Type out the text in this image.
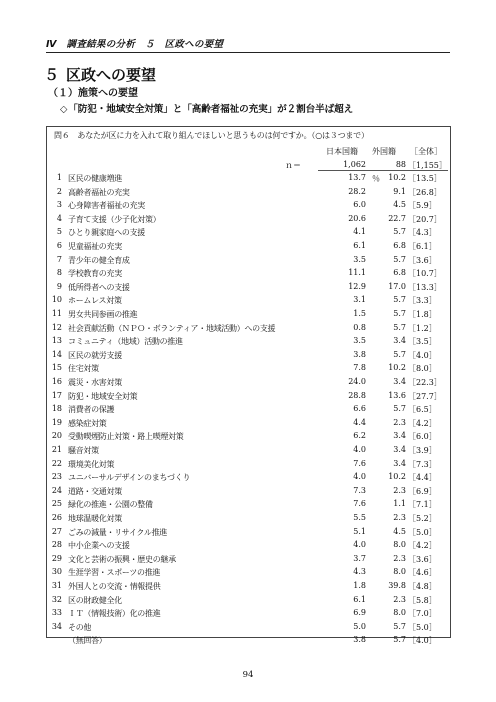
Ⅳ　調査結果の分析　５　区政への要望
５ 区政への要望
（１）施策への要望
◇「防犯・地域安全対策」と「高齢者福祉の充実」が２割台半ば超え
問６　あなたが区に力を入れて取り組んでほしいと思うものは何ですか。（○は３つまで）
日本国籍 外国籍 ［全体］
ｎ＝	1,062	88 ［1,155］
1 区民の健康増進	13.7	10.2 ［13.5］
％
2 高齢者福祉の充実	28.2	9.1 ［26.8］
3 心身障害者福祉の充実	6.0	4.5 ［5.9］
4 子育て支援（少子化対策）	20.6	22.7 ［20.7］
5 ひとり親家庭への支援	4.1	5.7 ［4.3］
6 児童福祉の充実	6.1	6.8 ［6.1］
7 青少年の健全育成	3.5	5.7 ［3.6］
8 学校教育の充実	11.1	6.8 ［10.7］
9 低所得者への支援	12.9	17.0 ［13.3］
10 ホームレス対策	3.1	5.7 ［3.3］
11 男女共同参画の推進	1.5	5.7 ［1.8］
12 社会貢献活動（ＮＰＯ・ボランティア・地域活動）への支援	0.8	5.7 ［1.2］
13 コミュニティ（地域）活動の推進	3.5	3.4 ［3.5］
14 区民の就労支援	3.8	5.7 ［4.0］
15 住宅対策	7.8	10.2 ［8.0］
16 震災・水害対策	24.0	3.4 ［22.3］
17 防犯・地域安全対策	28.8	13.6 ［27.7］
18 消費者の保護	6.6	5.7 ［6.5］
19 感染症対策	4.4	2.3 ［4.2］
20 受動喫煙防止対策・路上喫煙対策	6.2	3.4 ［6.0］
21 騒音対策	4.0	3.4 ［3.9］
22 環境美化対策	7.6	3.4 ［7.3］
23 ユニバーサルデザインのまちづくり	4.0	10.2 ［4.4］
24 道路・交通対策	7.3	2.3 ［6.9］
25 緑化の推進・公園の整備	7.6	1.1 ［7.1］
26 地球温暖化対策	5.5	2.3 ［5.2］
27 ごみの減量・リサイクル推進	5.1	4.5 ［5.0］
28 中小企業への支援	4.0	8.0 ［4.2］
29 文化と芸術の振興・歴史の継承	3.7	2.3 ［3.6］
30 生涯学習・スポーツの推進	4.3	8.0 ［4.6］
31 外国人との交流・情報提供	1.8	39.8 ［4.8］
32 区の財政健全化	6.1	2.3 ［5.8］
33 ＩＴ（情報技術）化の推進	6.9	8.0 ［7.0］
34 その他	5.0	5.7 ［5.0］
（無回答）	3.8	5.7 ［4.0］
94
